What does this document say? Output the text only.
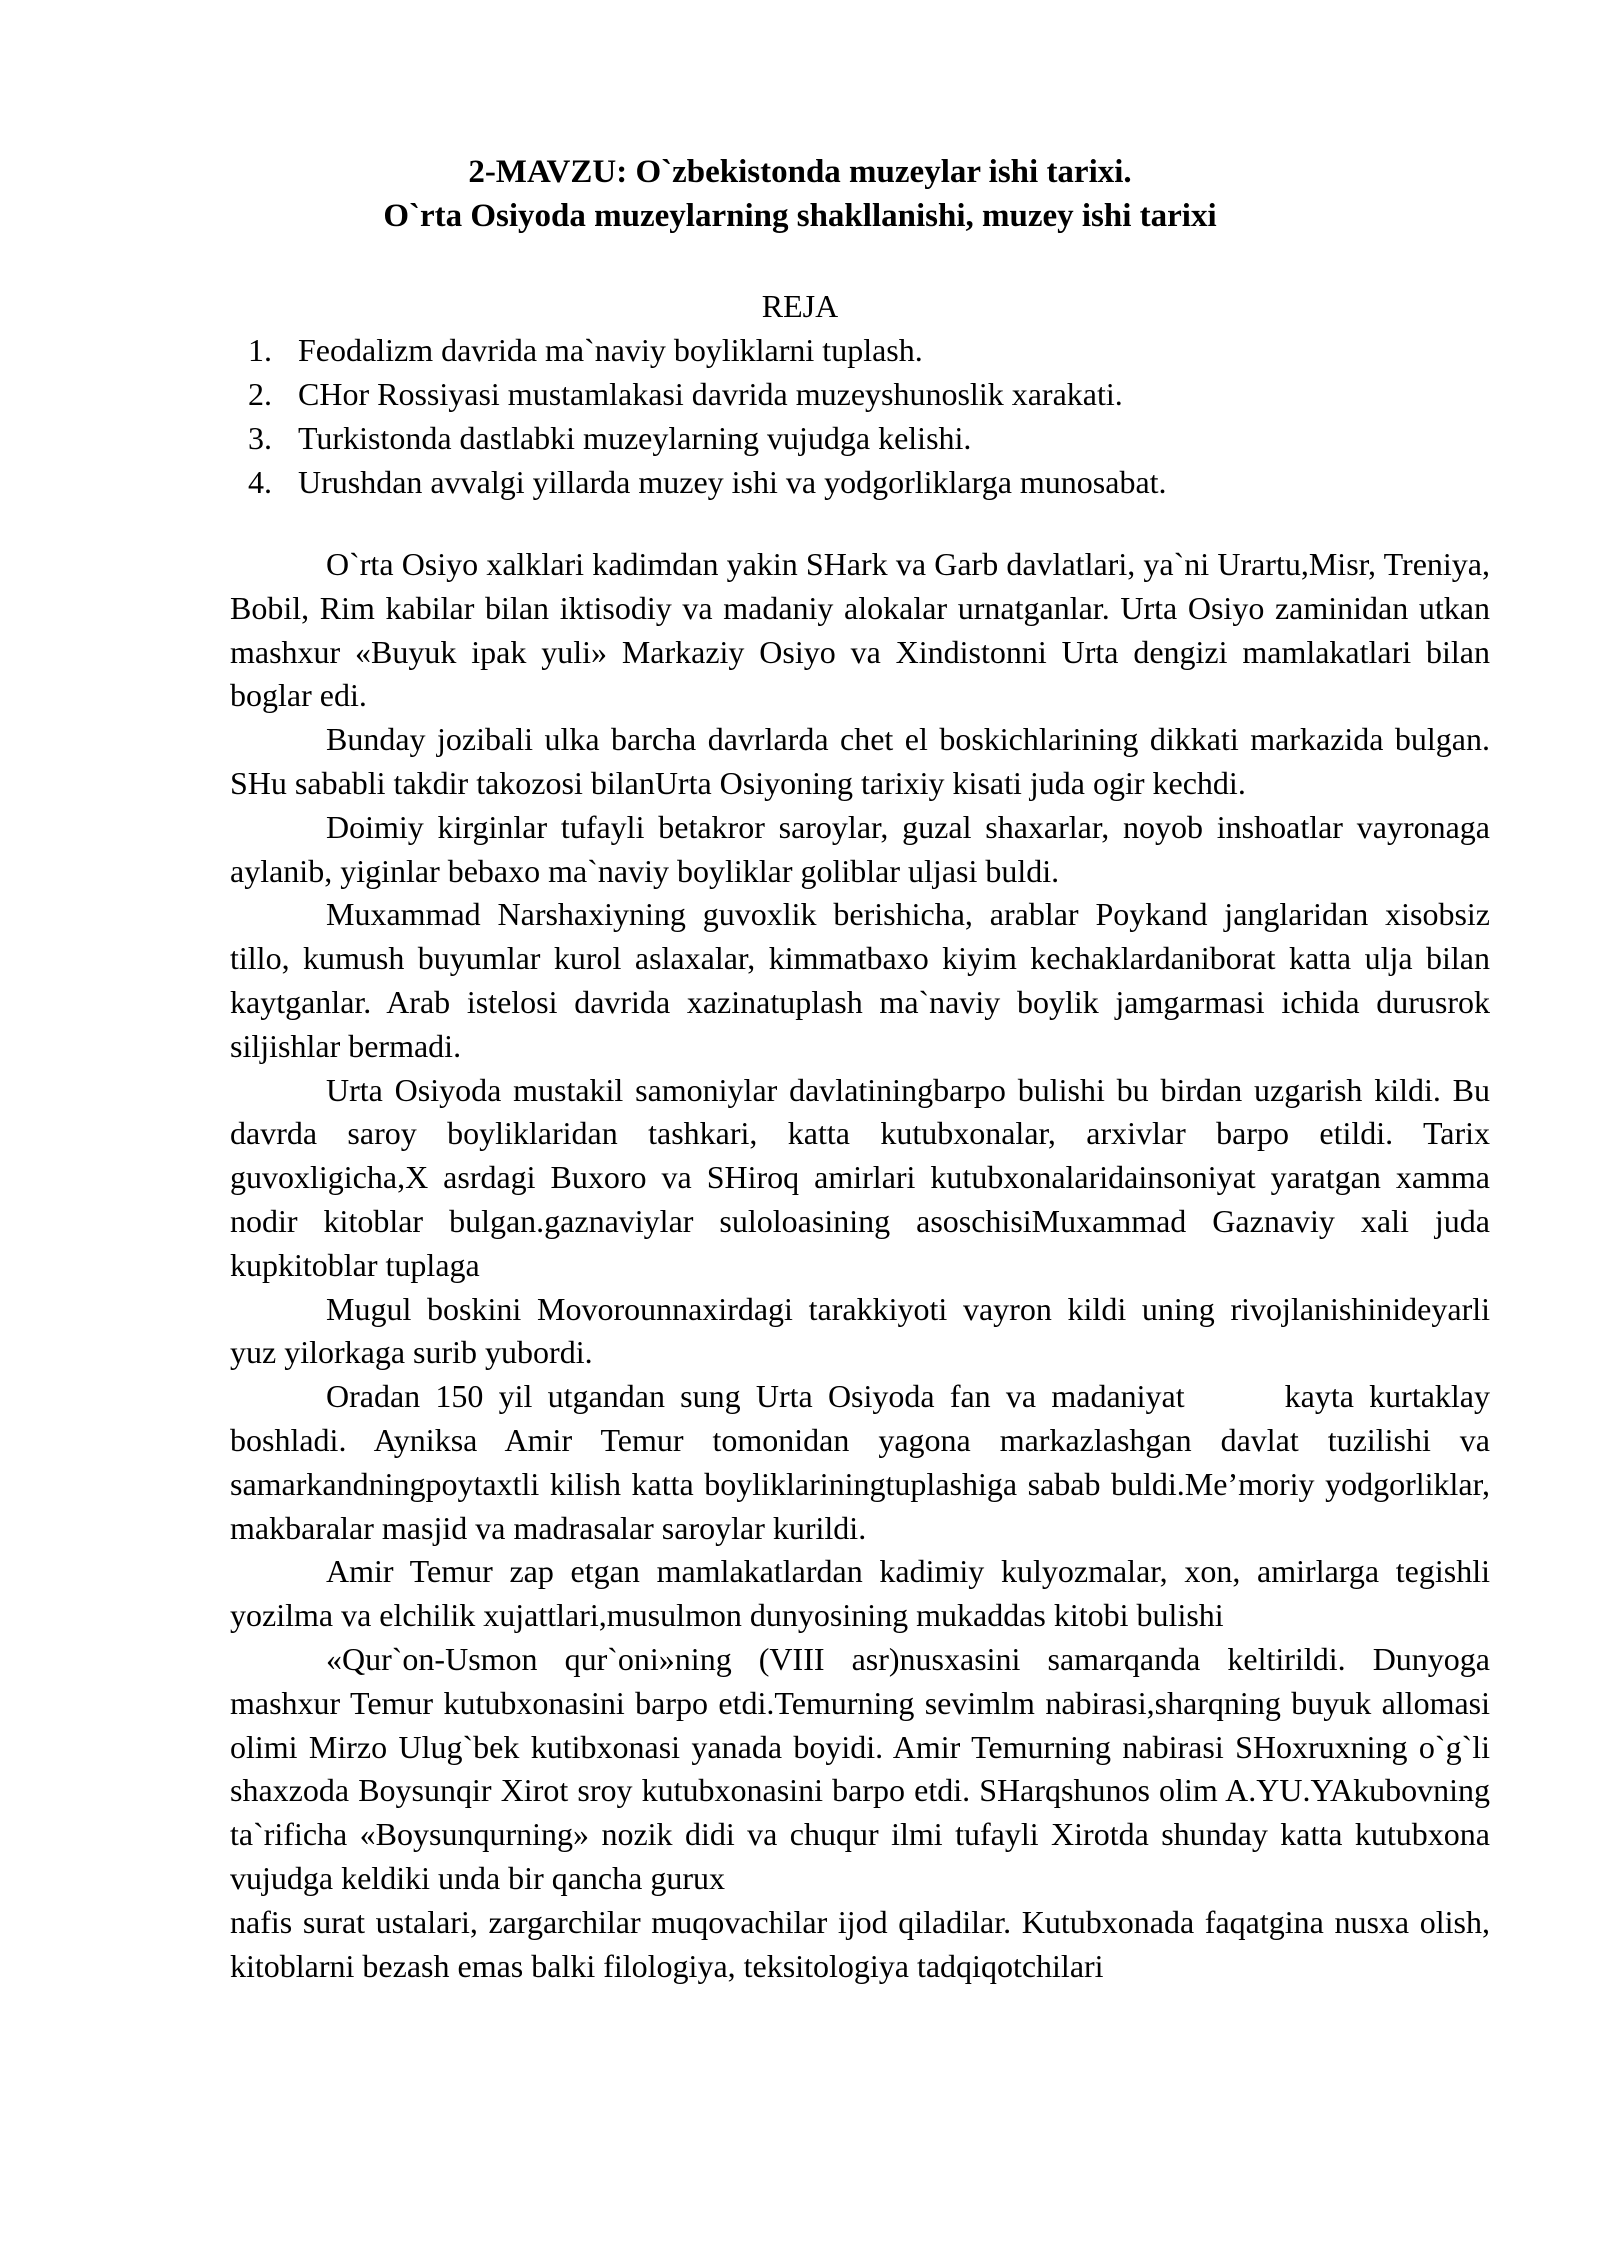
2-MAVZU: O`zbekistonda muzeylar ishi tarixi.
O`rta Osiyoda muzeylarning shakllanishi, muzey ishi tarixi
REJA
1. Feodalizm davrida ma`naviy boyliklarni tuplash.
2. CHor Rossiyasi mustamlakasi davrida muzeyshunoslik xarakati.
3. Turkistonda dastlabki muzeylarning vujudga kelishi.
4. Urushdan avvalgi yillarda muzey ishi va yodgorliklarga munosabat.

O`rta Osiyo xalklari kadimdan yakin SHark va Garb davlatlari, ya`ni Urartu,Misr, Treniya, Bobil, Rim kabilar bilan iktisodiy va madaniy alokalar urnatganlar. Urta Osiyo zaminidan utkan mashxur «Buyuk ipak yuli» Markaziy Osiyo va Xindistonni Urta dengizi mamlakatlari bilan boglar edi.

Bunday jozibali ulka barcha davrlarda chet el boskichlarining dikkati markazida bulgan. SHu sababli takdir takozosi bilanUrta Osiyoning tarixiy kisati juda ogir kechdi.

Doimiy kirginlar tufayli betakror saroylar, guzal shaxarlar, noyob inshoatlar vayronaga aylanib, yiginlar bebaxo ma`naviy boyliklar goliblar uljasi buldi.

Muxammad Narshaxiyning guvoxlik berishicha, arablar Poykand janglaridan xisobsiz tillo, kumush buyumlar kurol aslaxalar, kimmatbaxo kiyim kechaklardaniborat katta ulja bilan kaytganlar. Arab istelosi davrida xazinatuplash ma`naviy boylik jamgarmasi ichida durusrok siljishlar bermadi.

Urta Osiyoda mustakil samoniylar davlatiningbarpo bulishi bu birdan uzgarish kildi. Bu davrda saroy boyliklaridan tashkari, katta kutubxonalar, arxivlar barpo etildi. Tarix guvoxligicha,X asrdagi Buxoro va SHiroq amirlari kutubxonalaridainsoniyat yaratgan xamma nodir kitoblar bulgan.gaznaviylar suloloasining asoschisiMuxammad Gaznaviy xali juda kupkitoblar tuplaga

Mugul boskini Movorounnaxirdagi tarakkiyoti vayron kildi uning rivojlanishinideyarli yuz yilorkaga surib yubordi.

Oradan 150 yil utgandan sung Urta Osiyoda fan va madaniyat	kayta kurtaklay boshladi. Ayniksa Amir Temur tomonidan yagona markazlashgan davlat tuzilishi va samarkandningpoytaxtli kilish katta boyliklariningtuplashiga sabab buldi.Me’moriy yodgorliklar, makbaralar masjid va madrasalar saroylar kurildi.

Amir Temur zap etgan mamlakatlardan kadimiy kulyozmalar, xon, amirlarga tegishli yozilma va elchilik xujattlari,musulmon dunyosining mukaddas kitobi bulishi

«Qur`on-Usmon qur`oni»ning (VIII asr)nusxasini samarqanda keltirildi. Dunyoga mashxur Temur kutubxonasini barpo etdi.Temurning sevimlm nabirasi,sharqning buyuk allomasi olimi Mirzo Ulug`bek kutibxonasi yanada boyidi. Amir Temurning nabirasi SHoxruxning o`g`li shaxzoda Boysunqir Xirot sroy kutubxonasini barpo etdi. SHarqshunos olim A.YU.YAkubovning ta`rificha «Boysunqurning» nozik didi va chuqur ilmi tufayli Xirotda shunday katta kutubxona vujudga keldiki unda bir qancha gurux

nafis surat ustalari, zargarchilar muqovachilar ijod qiladilar. Kutubxonada faqatgina nusxa olish, kitoblarni bezash emas balki filologiya, teksitologiya tadqiqotchilari
